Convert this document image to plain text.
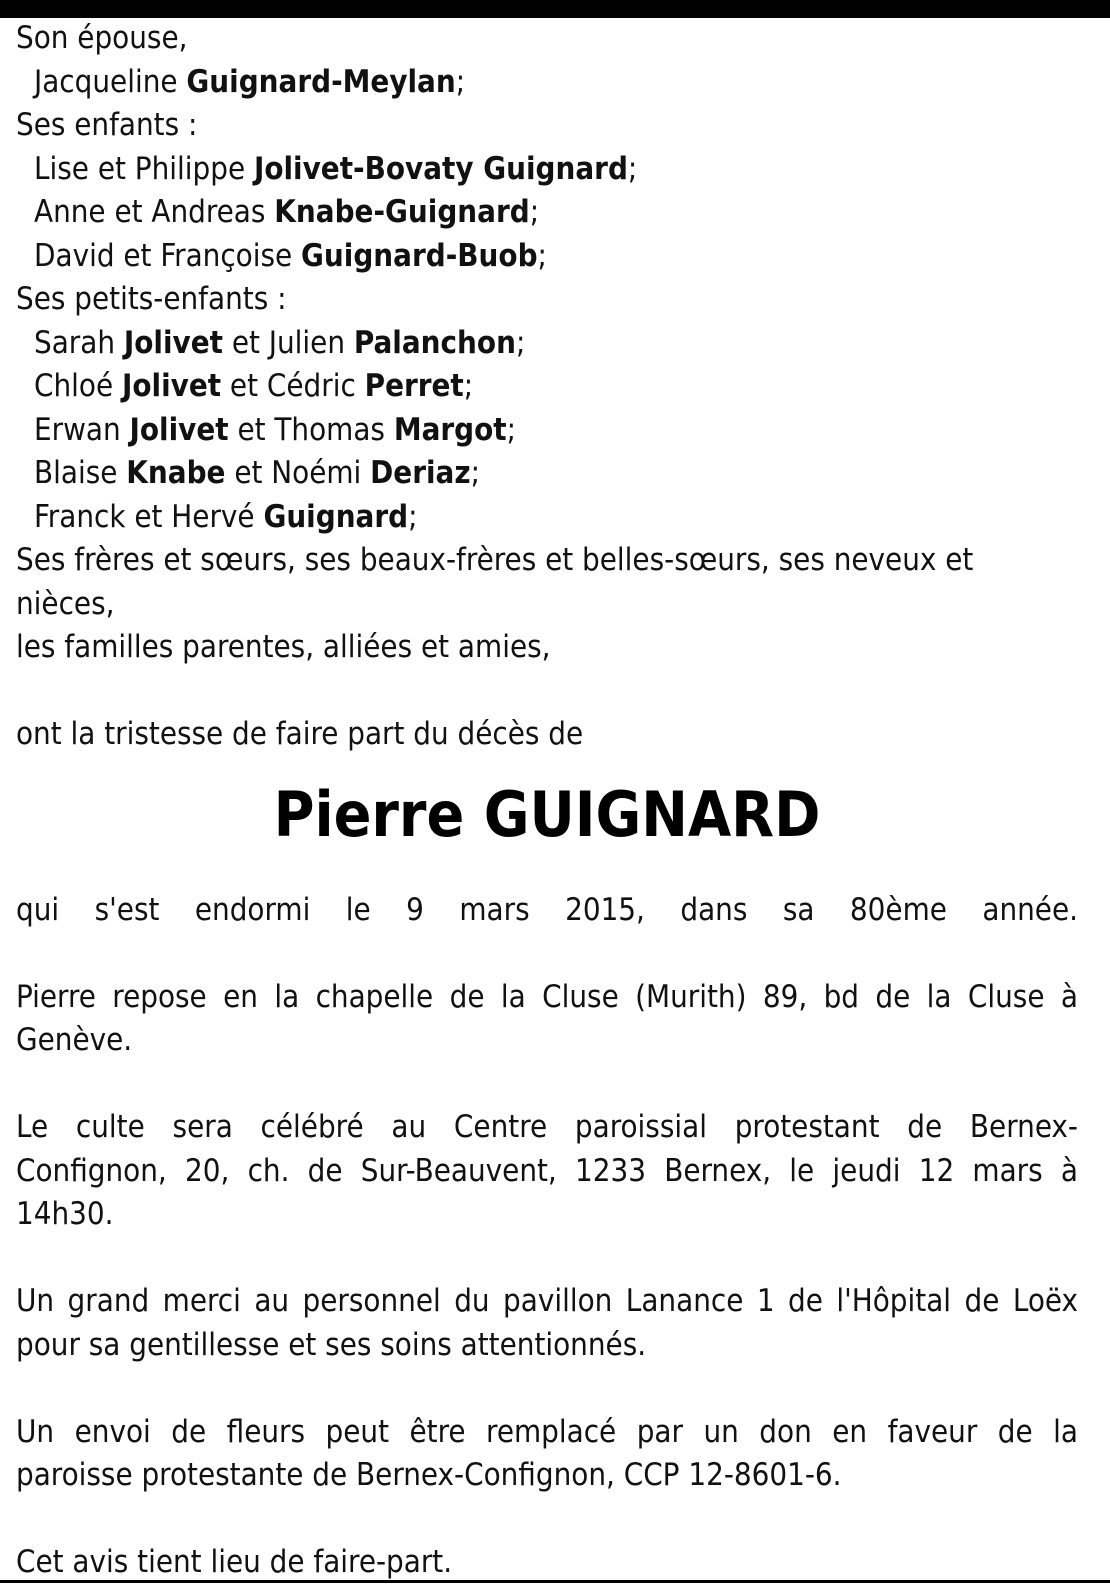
Son épouse,
Jacqueline Guignard-Meylan;
Ses enfants :
Lise et Philippe Jolivet-Bovaty Guignard;
Anne et Andreas Knabe-Guignard;
David et Françoise Guignard-Buob;
Ses petits-enfants :
Sarah Jolivet et Julien Palanchon;
Chloé Jolivet et Cédric Perret;
Erwan Jolivet et Thomas Margot;
Blaise Knabe et Noémi Deriaz;
Franck et Hervé Guignard;
Ses frères et sœurs, ses beaux-frères et belles-sœurs, ses neveux et
nièces,
les familles parentes, alliées et amies,
ont la tristesse de faire part du décès de
Pierre GUIGNARD
qui s'est endormi le 9 mars 2015, dans sa 80ème année.
Pierre repose en la chapelle de la Cluse (Murith) 89, bd de la Cluse à
Genève.
Le culte sera célébré au Centre paroissial protestant de Bernex-
Confignon, 20, ch. de Sur-Beauvent, 1233 Bernex, le jeudi 12 mars à
14h30.
Un grand merci au personnel du pavillon Lanance 1 de l'Hôpital de Loëx
pour sa gentillesse et ses soins attentionnés.
Un envoi de fleurs peut être remplacé par un don en faveur de la
paroisse protestante de Bernex-Confignon, CCP 12-8601-6.
Cet avis tient lieu de faire-part.
